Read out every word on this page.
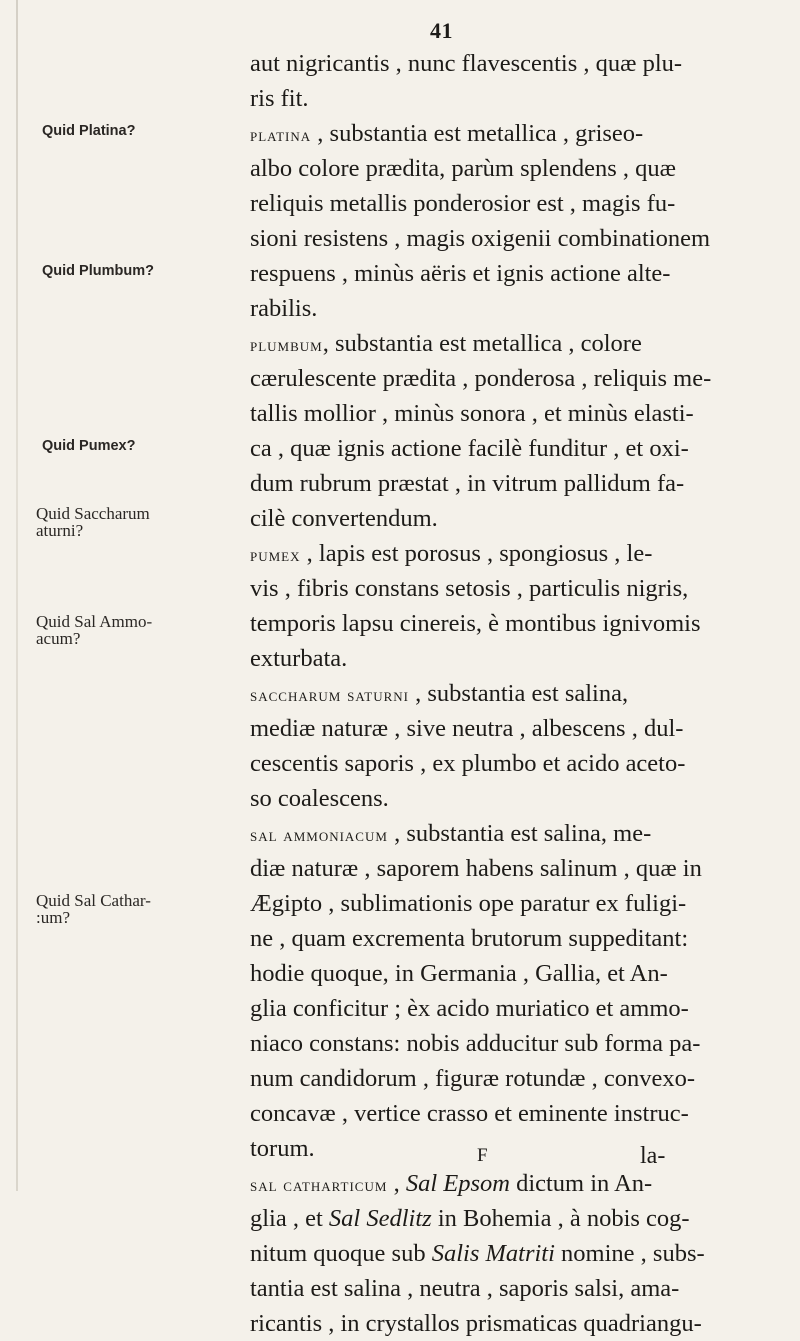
41
Quid Platina?
Quid Plumbum?
Quid Pumex?
Quid Saccharum
aturni?
Quid Sal Ammo-
acum?
Quid Sal Cathar-
:um?
aut nigricantis , nunc flavescentis , quæ plu-
ris fit.
platina , substantia est metallica , griseo-
albo colore prædita, parùm splendens , quæ
reliquis metallis ponderosior est , magis fu-
sioni resistens , magis oxigenii combinationem
respuens , minùs aëris et ignis actione alte-
rabilis.
plumbum, substantia est metallica , colore
cærulescente prædita , ponderosa , reliquis me-
tallis mollior , minùs sonora , et minùs elasti-
ca , quæ ignis actione facilè funditur , et oxi-
dum rubrum præstat , in vitrum pallidum fa-
cilè convertendum.
pumex , lapis est porosus , spongiosus , le-
vis , fibris constans setosis , particulis nigris,
temporis lapsu cinereis, è montibus ignivomis
exturbata.
saccharum saturni , substantia est salina,
mediæ naturæ , sive neutra , albescens , dul-
cescentis saporis , ex plumbo et acido aceto-
so coalescens.
sal ammoniacum , substantia est salina, me-
diæ naturæ , saporem habens salinum , quæ in
Ægipto , sublimationis ope paratur ex fuligi-
ne , quam excrementa brutorum suppeditant:
hodie quoque, in Germania , Gallia, et An-
glia conficitur ; èx acido muriatico et ammo-
niaco constans: nobis adducitur sub forma pa-
num candidorum , figuræ rotundæ , convexo-
concavæ , vertice crasso et eminente instruc-
torum.
sal catharticum , Sal Epsom dictum in An-
glia , et Sal Sedlitz in Bohemia , à nobis cog-
nitum quoque sub Salis Matriti nomine , subs-
tantia est salina , neutra , saporis salsi, ama-
ricantis , in crystallos prismaticas quadriangu-
F	la-
